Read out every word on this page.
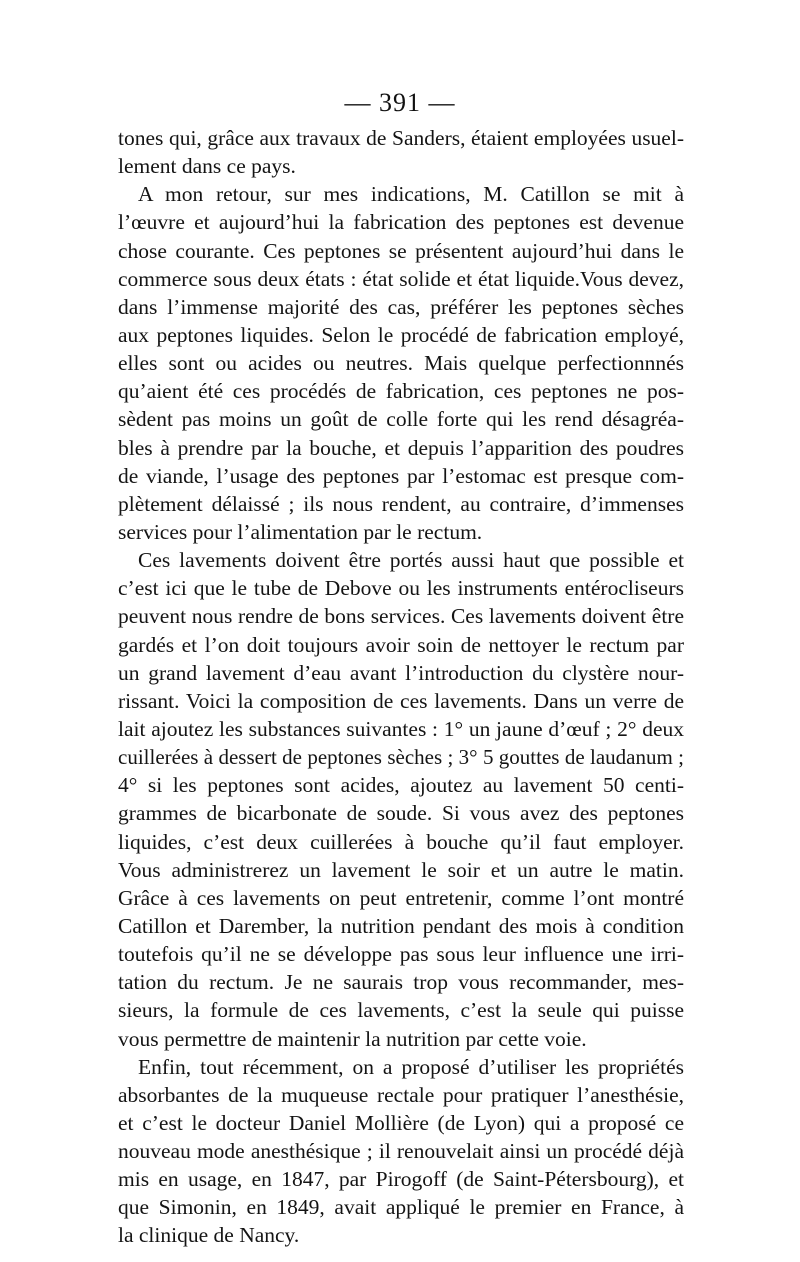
— 391 —
tones qui, grâce aux travaux de Sanders, étaient employées usuel-
lement dans ce pays.
A mon retour, sur mes indications, M. Catillon se mit à
l’œuvre et aujourd’hui la fabrication des peptones est devenue
chose courante. Ces peptones se présentent aujourd’hui dans le
commerce sous deux états : état solide et état liquide.Vous devez,
dans l’immense majorité des cas, préférer les peptones sèches
aux peptones liquides. Selon le procédé de fabrication employé,
elles sont ou acides ou neutres. Mais quelque perfectionnnés
qu’aient été ces procédés de fabrication, ces peptones ne pos-
sèdent pas moins un goût de colle forte qui les rend désagréa-
bles à prendre par la bouche, et depuis l’apparition des poudres
de viande, l’usage des peptones par l’estomac est presque com-
plètement délaissé ; ils nous rendent, au contraire, d’immenses
services pour l’alimentation par le rectum.
Ces lavements doivent être portés aussi haut que possible et
c’est ici que le tube de Debove ou les instruments entérocliseurs
peuvent nous rendre de bons services. Ces lavements doivent être
gardés et l’on doit toujours avoir soin de nettoyer le rectum par
un grand lavement d’eau avant l’introduction du clystère nour-
rissant. Voici la composition de ces lavements. Dans un verre de
lait ajoutez les substances suivantes : 1° un jaune d’œuf ; 2° deux
cuillerées à dessert de peptones sèches ; 3° 5 gouttes de laudanum ;
4° si les peptones sont acides, ajoutez au lavement 50 centi-
grammes de bicarbonate de soude. Si vous avez des peptones
liquides, c’est deux cuillerées à bouche qu’il faut employer.
Vous administrerez un lavement le soir et un autre le matin.
Grâce à ces lavements on peut entretenir, comme l’ont montré
Catillon et Darember, la nutrition pendant des mois à condition
toutefois qu’il ne se développe pas sous leur influence une irri-
tation du rectum. Je ne saurais trop vous recommander, mes-
sieurs, la formule de ces lavements, c’est la seule qui puisse
vous permettre de maintenir la nutrition par cette voie.
Enfin, tout récemment, on a proposé d’utiliser les propriétés
absorbantes de la muqueuse rectale pour pratiquer l’anesthésie,
et c’est le docteur Daniel Mollière (de Lyon) qui a proposé ce
nouveau mode anesthésique ; il renouvelait ainsi un procédé déjà
mis en usage, en 1847, par Pirogoff (de Saint-Pétersbourg), et
que Simonin, en 1849, avait appliqué le premier en France, à
la clinique de Nancy.
